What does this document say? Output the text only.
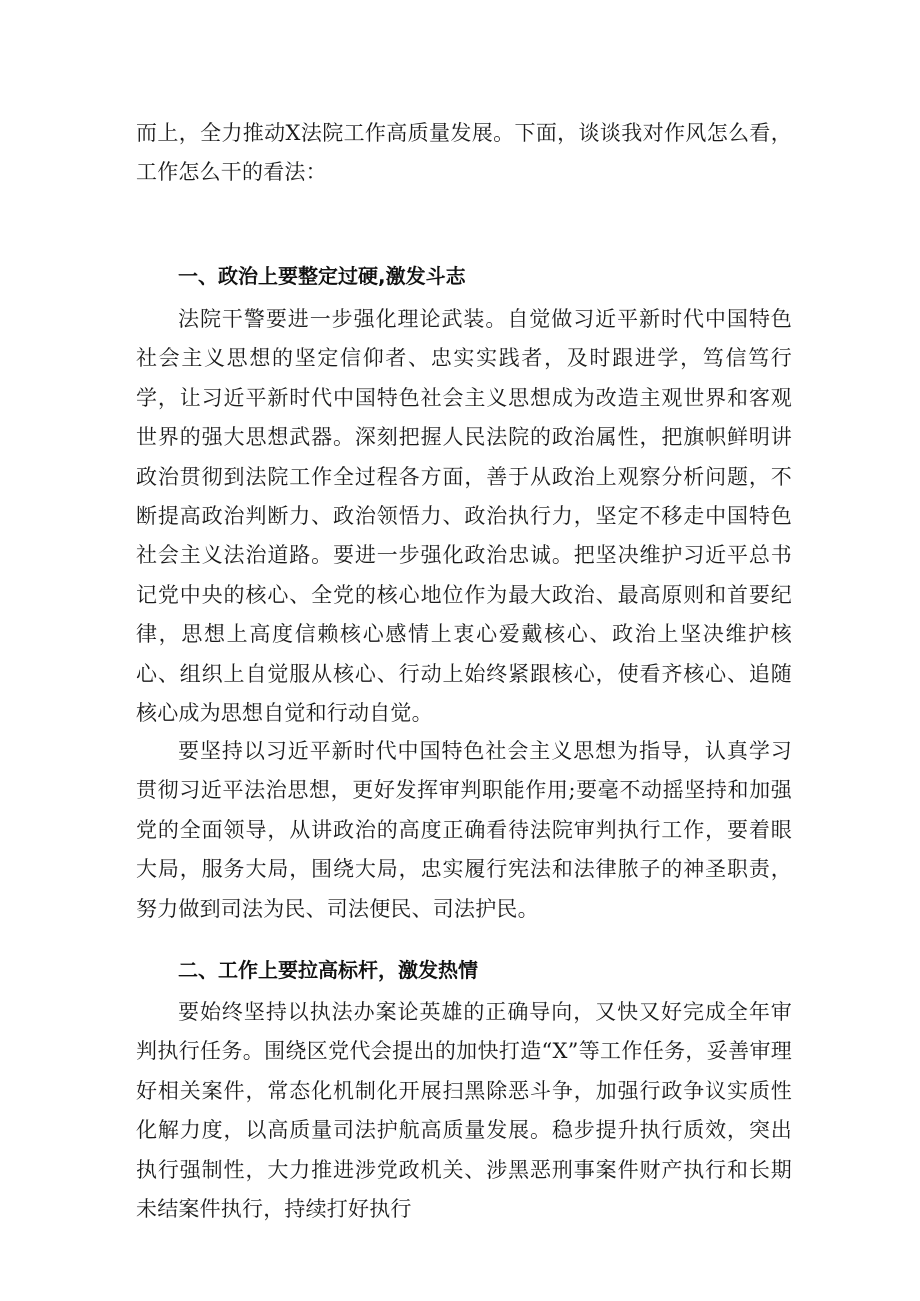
而上，全力推动X法院工作高质量发展。下面，谈谈我对作风怎么看，工作怎么干的看法：

一、政治上要整定过硬,激发斗志

法院干警要进一步强化理论武装。自觉做习近平新时代中国特色社会主义思想的坚定信仰者、忠实实践者，及时跟进学，笃信笃行学，让习近平新时代中国特色社会主义思想成为改造主观世界和客观世界的强大思想武器。深刻把握人民法院的政治属性，把旗帜鲜明讲政治贯彻到法院工作全过程各方面，善于从政治上观察分析问题，不断提高政治判断力、政治领悟力、政治执行力，坚定不移走中国特色社会主义法治道路。要进一步强化政治忠诚。把坚决维护习近平总书记党中央的核心、全党的核心地位作为最大政治、最高原则和首要纪律，思想上高度信赖核心感情上衷心爱戴核心、政治上坚决维护核心、组织上自觉服从核心、行动上始终紧跟核心，使看齐核心、追随核心成为思想自觉和行动自觉。

要坚持以习近平新时代中国特色社会主义思想为指导，认真学习贯彻习近平法治思想，更好发挥审判职能作用;要毫不动摇坚持和加强党的全面领导，从讲政治的高度正确看待法院审判执行工作，要着眼大局，服务大局，围绕大局，忠实履行宪法和法律脓子的神圣职责，努力做到司法为民、司法便民、司法护民。

二、工作上要拉高标杆，激发热情

要始终坚持以执法办案论英雄的正确导向，又快又好完成全年审判执行任务。围绕区党代会提出的加快打造“X”等工作任务，妥善审理好相关案件，常态化机制化开展扫黑除恶斗争，加强行政争议实质性化解力度，以高质量司法护航高质量发展。稳步提升执行质效，突出执行强制性，大力推进涉党政机关、涉黑恶刑事案件财产执行和长期未结案件执行，持续打好执行
